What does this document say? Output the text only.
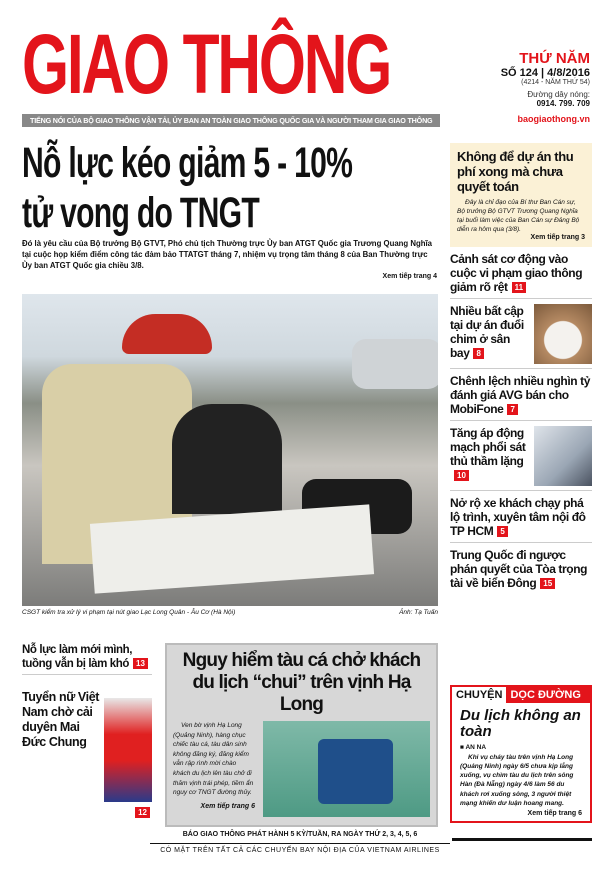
GIAO THÔNG	THỨ NĂM
SỐ 124 | 4/8/2016
(4214 - NĂM THỨ 54)
Đường dây nóng:
0914. 799. 709
baogiaothong.vn
TIẾNG NÓI CỦA BỘ GIAO THÔNG VẬN TẢI, ỦY BAN AN TOÀN GIAO THÔNG QUỐC GIA VÀ NGƯỜI THAM GIA GIAO THÔNG
Nỗ lực kéo giảm 5 - 10%
tử vong do TNGT
Đó là yêu cầu của Bộ trưởng Bộ GTVT, Phó chủ tịch Thường trực Ủy ban ATGT Quốc gia Trương Quang Nghĩa tại cuộc họp kiểm điểm công tác đảm bảo TTATGT tháng 7, nhiệm vụ trọng tâm tháng 8 của Ban Thường trực Ủy ban ATGT Quốc gia chiều 3/8.
Xem tiếp trang 4
CSGT kiểm tra xử lý vi phạm tại nút giao Lạc Long Quân - Âu Cơ (Hà Nội)	Ảnh: Tạ Tuấn
Không để dự án thu phí xong mà chưa quyết toán

Đây là chỉ đạo của Bí thư Ban Cán sự, Bộ trưởng Bộ GTVT Trương Quang Nghĩa tại buổi làm việc của Ban Cán sự Đảng Bộ diễn ra hôm qua (3/8).

Xem tiếp trang 3
Cảnh sát cơ động vào cuộc vi phạm giao thông giảm rõ rệt 11
Nhiều bất cập tại dự án đuổi chim ở sân bay 8
Chênh lệch nhiều nghìn tỷ đánh giá AVG bán cho MobiFone 7
Tăng áp động mạch phổi sát thủ thầm lặng10
Nở rộ xe khách chạy phá lộ trình, xuyên tâm nội đô TP HCM 5
Trung Quốc đi ngược phán quyết của Tòa trọng tài về biển Đông 15
CHUYỆN DỌC ĐƯỜNG
Du lịch không an toàn
■ AN NA

Khi vụ cháy tàu trên vịnh Hạ Long (Quảng Ninh) ngày 6/5 chưa kịp lắng xuống, vụ chìm tàu du lịch trên sông Hàn (Đà Nẵng) ngày 4/6 làm 56 du khách rơi xuống sông, 3 người thiệt mạng khiến dư luận hoang mang.

Xem tiếp trang 6
Nỗ lực làm mới mình, tuồng vẫn bị làm khó 13
Tuyển nữ Việt Nam chờ cải duyên Mai Đức Chung
12
Nguy hiểm tàu cá chở khách du lịch “chui” trên vịnh Hạ Long
Ven bờ vịnh Hạ Long (Quảng Ninh), hàng chục chiếc tàu cá, tàu dân sinh không đăng ký, đăng kiểm vẫn rập rình mời chào khách du lịch lên tàu chở đi thăm vịnh trái phép, tiềm ẩn nguy cơ TNGT đường thủy.
Xem tiếp trang 6
BÁO GIAO THÔNG PHÁT HÀNH 5 KỲ/TUẦN, RA NGÀY THỨ 2, 3, 4, 5, 6
CÓ MẶT TRÊN TẤT CẢ CÁC CHUYẾN BAY NỘI ĐỊA CỦA VIETNAM AIRLINES
